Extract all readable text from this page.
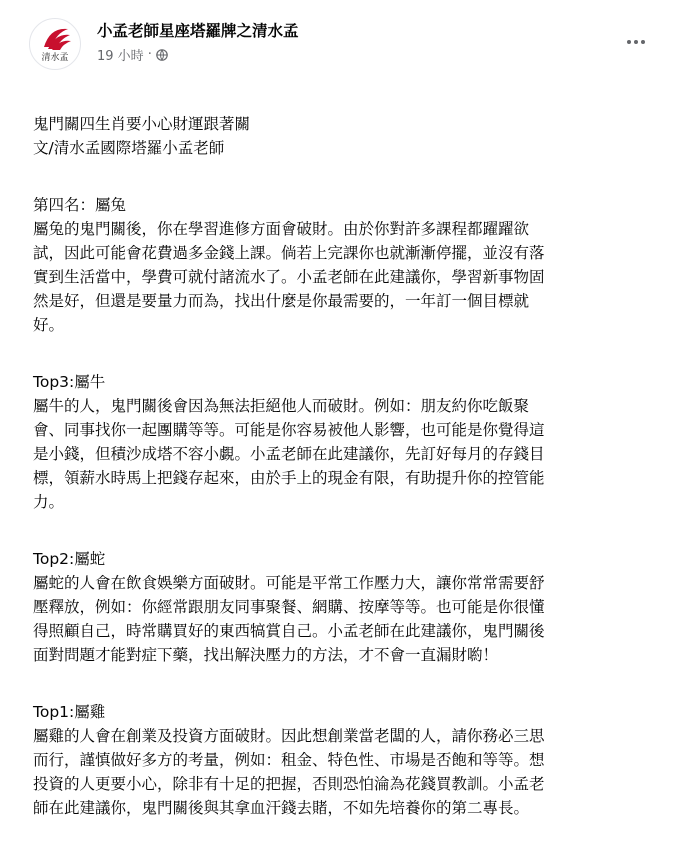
清水孟
小孟老師星座塔羅牌之清水孟
19 小時 ·

鬼門關四生肖要小心財運跟著關
文/清水孟國際塔羅小孟老師

第四名：屬兔
屬兔的鬼門關後，你在學習進修方面會破財。由於你對許多課程都躍躍欲
試，因此可能會花費過多金錢上課。倘若上完課你也就漸漸停擺，並沒有落
實到生活當中，學費可就付諸流水了。小孟老師在此建議你，學習新事物固
然是好，但還是要量力而為，找出什麼是你最需要的，一年訂一個目標就
好。

Top3:屬牛
屬牛的人，鬼門關後會因為無法拒絕他人而破財。例如：朋友約你吃飯聚
會、同事找你一起團購等等。可能是你容易被他人影響，也可能是你覺得這
是小錢，但積沙成塔不容小覷。小孟老師在此建議你，先訂好每月的存錢目
標，領薪水時馬上把錢存起來，由於手上的現金有限，有助提升你的控管能
力。

Top2:屬蛇
屬蛇的人會在飲食娛樂方面破財。可能是平常工作壓力大，讓你常常需要舒
壓釋放，例如：你經常跟朋友同事聚餐、網購、按摩等等。也可能是你很懂
得照顧自己，時常購買好的東西犒賞自己。小孟老師在此建議你，鬼門關後
面對問題才能對症下藥，找出解決壓力的方法，才不會一直漏財喲！

Top1:屬雞
屬雞的人會在創業及投資方面破財。因此想創業當老闆的人，請你務必三思
而行，謹慎做好多方的考量，例如：租金、特色性、市場是否飽和等等。想
投資的人更要小心，除非有十足的把握，否則恐怕淪為花錢買教訓。小孟老
師在此建議你，鬼門關後與其拿血汗錢去賭，不如先培養你的第二專長。
